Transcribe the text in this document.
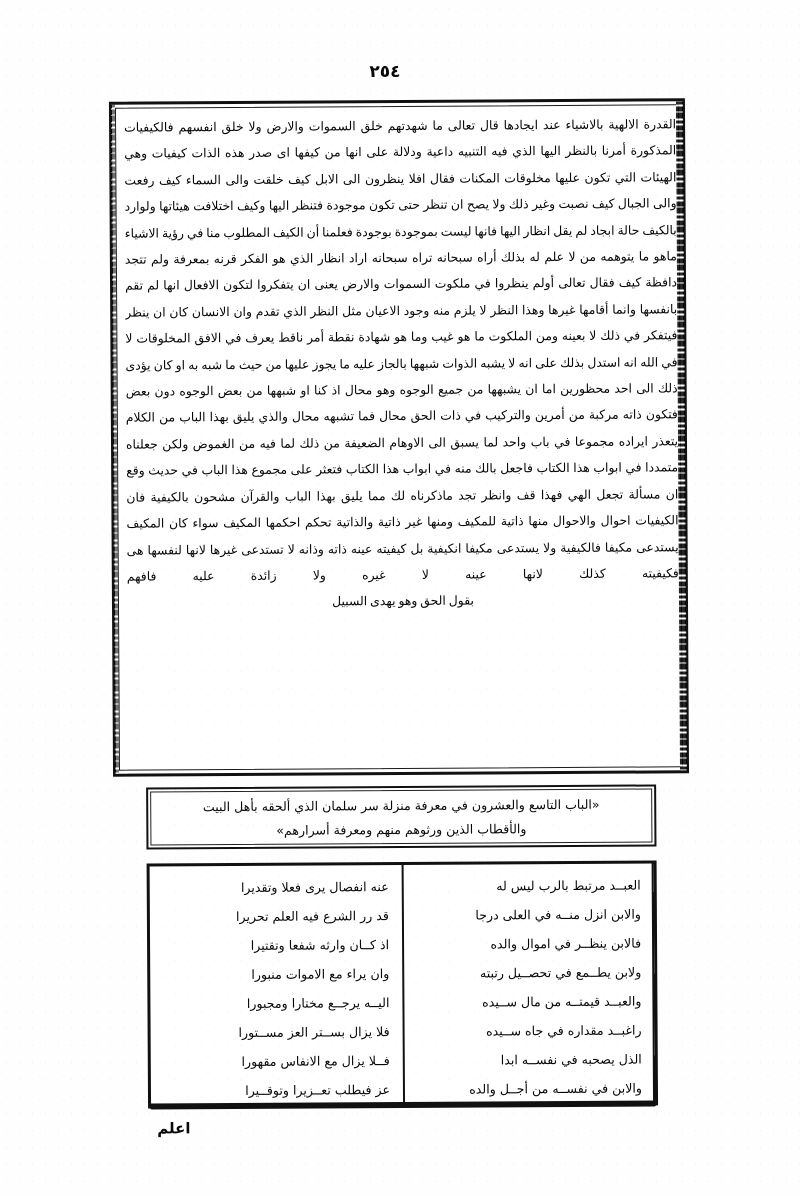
٢٥٤

القدرة الالهية بالاشياء عند ايجادها قال تعالى ما شهدتهم خلق السموات والارض ولا خلق انفسهم فالكيفيات المذكورة أمرنا بالنظر اليها الذي فيه التنبيه داعية ودلالة على انها من كيفها اى صدر هذه الذات كيفيات وهي الهيئات التي تكون عليها مخلوقات المكنات فقال افلا ينظرون الى الابل كيف خلقت والى السماء كيف رفعت والى الجبال كيف نصبت وغير ذلك ولا يصح ان تنظر حتى تكون موجودة فتنظر اليها وكيف اختلافت هيئاتها ولوارد بالكيف حالة ابجاد لم يقل انظار اليها فانها ليست بموجودة بوجودة فعلمنا أن الكيف المطلوب منا في رؤية الاشياء ماهو ما يتوهمه من لا علم له بذلك أراه سبحانه تراه سبحانه اراد انظار الذي هو الفكر قرنه بمعرفة ولم تتجد دافظة كيف فقال تعالى أولم ينظروا في ملكوت السموات والارض يعنى ان يتفكروا لتكون الافعال انها لم تقم بانفسها وانما أقامها غيرها وهذا النظر لا يلزم منه وجود الاعيان مثل النظر الذي تقدم وان الانسان كان ان ينظر فيتفكر في ذلك لا بعينه ومن الملكوت ما هو غيب وما هو شهادة نقطة أمر ناقط يعرف في الافق المخلوقات لا في الله انه استدل بذلك على انه لا يشبه الذوات شبهها بالجاز عليه ما يجوز عليها من حيث ما شبه به او كان يؤدى ذلك الى احد محظورين اما ان يشبهها من جميع الوجوه وهو محال اذ كنا او شبهها من بعض الوجوه دون بعض فتكون ذاته مركبة من أمرين والتركيب في ذات الحق محال فما تشبهه محال والذي يليق بهذا الباب من الكلام يتعذر ايراده مجموعا في باب واحد لما يسبق الى الاوهام الضعيفة من ذلك لما فيه من الغموض ولكن جعلناه متمددا في ابواب هذا الكتاب فاجعل بالك منه في ابواب هذا الكتاب فتعثر على مجموع هذا الباب في حديث وقع ان مسألة تجعل الهي فهذا قف وانظر تجد ماذكرناه لك مما يليق بهذا الباب والقرآن مشحون بالكيفية فان الكيفيات احوال والاحوال منها ذاتية للمكيف ومنها غير ذاتية والذاتية تحكم احكمها المكيف سواء كان المكيف يستدعى مكيفا فالكيفية ولا يستدعى مكيفا انكيفية بل كيفيته عينه ذاته وذانه لا تستدعى غيرها لانها لنفسها هى فكيفيته كذلك لانها عينه لا غيره ولا زائدة عليه فافهم

بقول الحق وهو يهدى السبيل

«الباب التاسع والعشرون في معرفة منزلة سر سلمان الذي ألحقه بأهل البيت
والأقطاب الذين ورثوهم منهم ومعرفة أسرارهم»
عنه انفصال يرى فعلا وتقديرا
قد رر الشرع فيه العلم تحريرا
اذ كــان وارثه شفعا وتقتيرا
وان يراء مع الاموات منبورا
اليــه يرجــع مختارا ومجبورا
فلا يزال بســتر العز مســتورا
فــلا يزال مع الانفاس مقهورا
عز فيطلب تعــزيرا وتوقــيرا
العبــد مرتبط بالرب ليس له
والابن انزل منــه في العلى درجا
فالابن ينظــر في اموال والده
ولابن يطــمع في تحصــيل رتبته
والعبــد قيمتــه من مال ســيده
راغبــد مقداره في جاه ســيده
الذل يصحبه في نفســه ابدا
والابن في نفســه من أجــل والده
اعلم
